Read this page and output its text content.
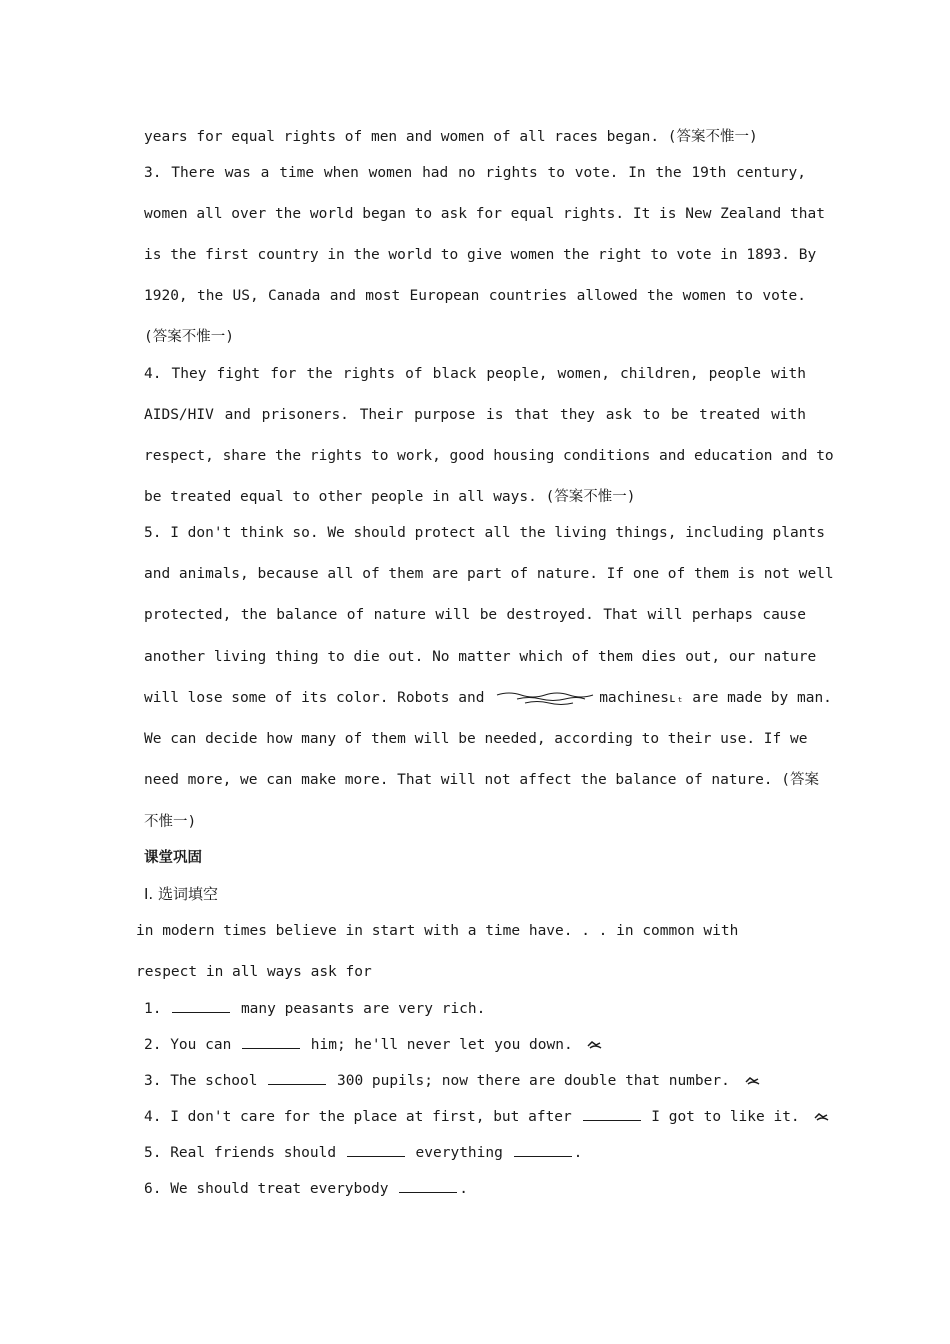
years for equal rights of men and women of all races began. (答案不惟一)
3. There was a time when women had no rights to vote. In the 19th century,
women all over the world began to ask for equal rights. It is New Zealand that
is the first country in the world to give women the right to vote in 1893. By
1920, the US, Canada and most European countries allowed the women to vote.
(答案不惟一)
4. They fight for the rights of black people, women, children, people with
AIDS/HIV and prisoners. Their purpose is that they ask to be treated with
respect, share the rights to work, good housing conditions and education and to
be treated equal to other people in all ways. (答案不惟一)
5. I don't think so. We should protect all the living things, including plants
and animals, because all of them are part of nature. If one of them is not well
protected, the balance of nature will be destroyed. That will perhaps cause
another living thing to die out. No matter which of them dies out, our nature
will lose some of its color. Robots and	machinesʟₜ are made by man.
We can decide how many of them will be needed, according to their use. If we
need more, we can make more. That will not affect the balance of nature. (答案
不惟一)
课堂巩固
Ⅰ. 选词填空
in modern times believe in start with a time have. . . in common with
respect in all ways ask for
1.	many peasants are very rich.
2. You can	him; he'll never let you down.
3. The school	300 pupils; now there are double that number.
4. I don't care for the place at first, but after	I got to like it.
5. Real friends should	everything	.
6. We should treat everybody	.
